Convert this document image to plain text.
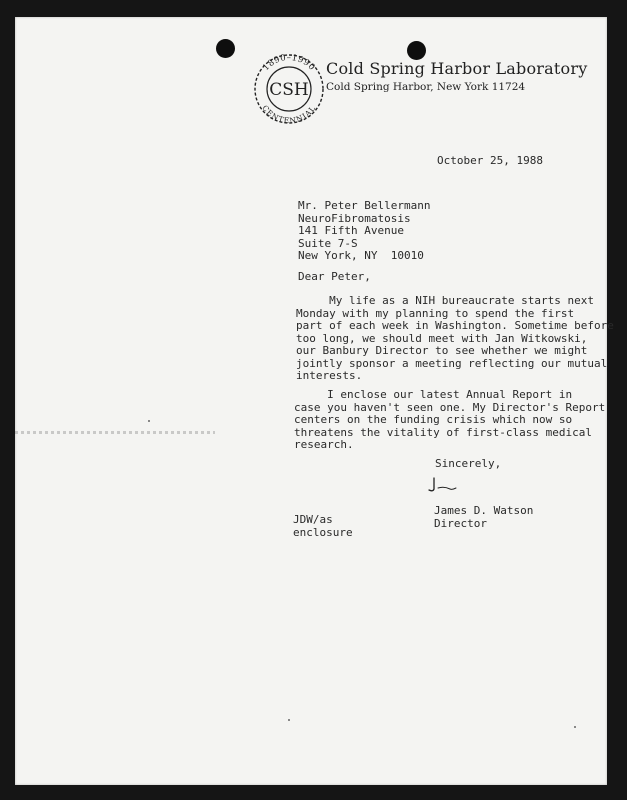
1890–1990
CENTENNIAL
CSH
Cold Spring Harbor Laboratory
Cold Spring Harbor, New York 11724
October 25, 1988
Mr. Peter Bellermann
NeuroFibromatosis
141 Fifth Avenue
Suite 7-S
New York, NY  10010
Dear Peter,
My life as a NIH bureaucrate starts next
Monday with my planning to spend the first
part of each week in Washington. Sometime before
too long, we should meet with Jan Witkowski,
our Banbury Director to see whether we might
jointly sponsor a meeting reflecting our mutual
interests.
I enclose our latest Annual Report in
case you haven't seen one. My Director's Report
centers on the funding crisis which now so
threatens the vitality of first-class medical
research.
Sincerely,
James D. Watson
Director
JDW/as
enclosure
